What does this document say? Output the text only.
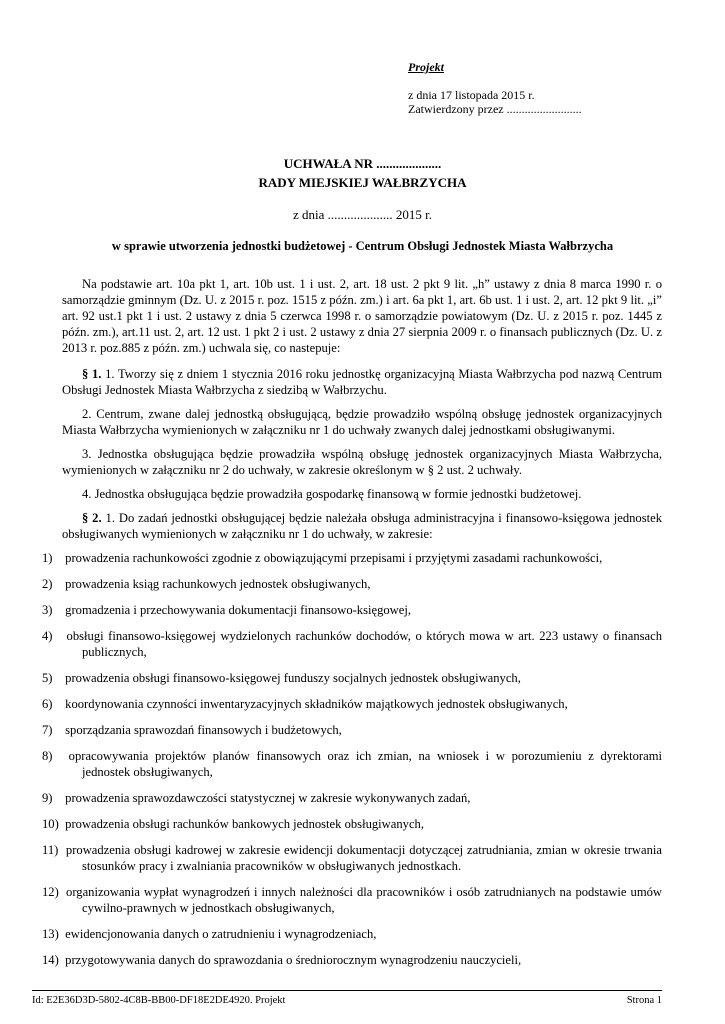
Projekt
z dnia 17 listopada 2015 r.
Zatwierdzony przez .........................
UCHWAŁA NR ....................
RADY MIEJSKIEJ WAŁBRZYCHA
z dnia .................... 2015 r.
w sprawie utworzenia jednostki budżetowej - Centrum Obsługi Jednostek Miasta Wałbrzycha

Na podstawie art. 10a pkt 1, art. 10b ust. 1 i ust. 2, art. 18 ust. 2 pkt 9 lit. „h” ustawy z dnia 8 marca 1990 r. o samorządzie gminnym (Dz. U. z 2015 r. poz. 1515 z późn. zm.) i art. 6a pkt 1, art. 6b ust. 1 i ust. 2, art. 12 pkt 9 lit. „i” art. 92 ust.1 pkt 1 i ust. 2 ustawy z dnia 5 czerwca 1998 r. o samorządzie powiatowym (Dz. U. z 2015 r. poz. 1445 z późn. zm.), art.11 ust. 2, art. 12 ust. 1 pkt 2 i ust. 2 ustawy z dnia 27 sierpnia 2009 r. o finansach publicznych (Dz. U. z 2013 r. poz.885 z późn. zm.) uchwala się, co nastepuje:

§ 1. 1. Tworzy się z dniem 1 stycznia 2016 roku jednostkę organizacyjną Miasta Wałbrzycha pod nazwą Centrum Obsługi Jednostek Miasta Wałbrzycha z siedzibą w Wałbrzychu.

2. Centrum, zwane dalej jednostką obsługującą, będzie prowadziło wspólną obsługę jednostek organizacyjnych Miasta Wałbrzycha wymienionych w załączniku nr 1 do uchwały zwanych dalej jednostkami obsługiwanymi.

3. Jednostka obsługująca będzie prowadziła wspólną obsługę jednostek organizacyjnych Miasta Wałbrzycha, wymienionych w załączniku nr 2 do uchwały, w zakresie określonym w § 2 ust. 2 uchwały.

4. Jednostka obsługująca będzie prowadziła gospodarkę finansową w formie jednostki budżetowej.

§ 2. 1. Do zadań jednostki obsługującej będzie należała obsługa administracyjna i finansowo-księgowa jednostek obsługiwanych wymienionych w załączniku nr 1 do uchwały, w zakresie:

1) prowadzenia rachunkowości zgodnie z obowiązującymi przepisami i przyjętymi zasadami rachunkowości,
2) prowadzenia ksiąg rachunkowych jednostek obsługiwanych,
3) gromadzenia i przechowywania dokumentacji finansowo-księgowej,
4) obsługi finansowo-księgowej wydzielonych rachunków dochodów, o których mowa w art. 223 ustawy o finansach publicznych,
5) prowadzenia obsługi finansowo-księgowej funduszy socjalnych jednostek obsługiwanych,
6) koordynowania czynności inwentaryzacyjnych składników majątkowych jednostek obsługiwanych,
7) sporządzania sprawozdań finansowych i budżetowych,
8) opracowywania projektów planów finansowych oraz ich zmian, na wniosek i w porozumieniu z dyrektorami jednostek obsługiwanych,
9) prowadzenia sprawozdawczości statystycznej w zakresie wykonywanych zadań,
10) prowadzenia obsługi rachunków bankowych jednostek obsługiwanych,
11) prowadzenia obsługi kadrowej w zakresie ewidencji dokumentacji dotyczącej zatrudniania, zmian w okresie trwania stosunków pracy i zwalniania pracowników w obsługiwanych jednostkach.
12) organizowania wypłat wynagrodzeń i innych należności dla pracowników i osób zatrudnianych na podstawie umów cywilno-prawnych w jednostkach obsługiwanych,
13) ewidencjonowania danych o zatrudnieniu i wynagrodzeniach,
14) przygotowywania danych do sprawozdania o średniorocznym wynagrodzeniu nauczycieli,
Id: E2E36D3D-5802-4C8B-BB00-DF18E2DE4920. Projekt	Strona 1
